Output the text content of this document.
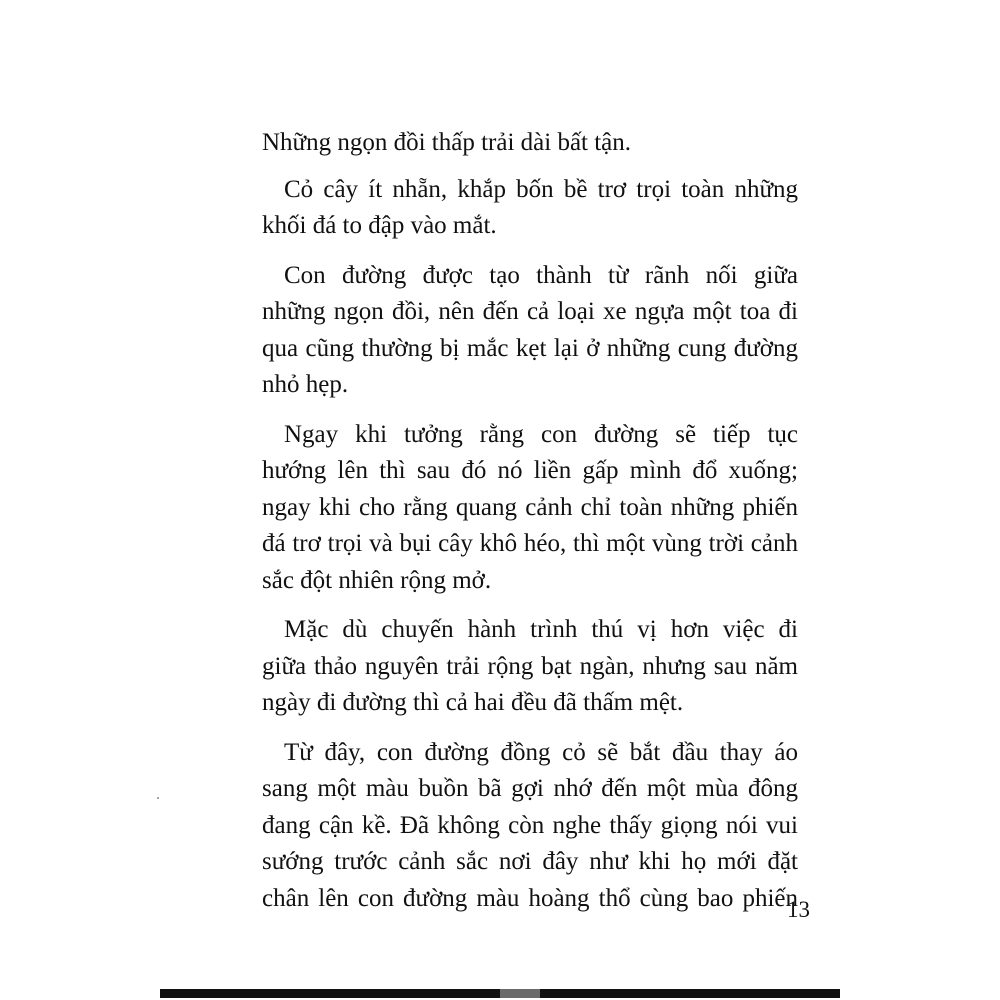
Những ngọn đồi thấp trải dài bất tận.
Cỏ cây ít nhẵn, khắp bốn bề trơ trọi toàn những
khối đá to đập vào mắt.
Con đường được tạo thành từ rãnh nối giữa
những ngọn đồi, nên đến cả loại xe ngựa một toa đi
qua cũng thường bị mắc kẹt lại ở những cung đường
nhỏ hẹp.
Ngay khi tưởng rằng con đường sẽ tiếp tục
hướng lên thì sau đó nó liền gấp mình đổ xuống;
ngay khi cho rằng quang cảnh chỉ toàn những phiến
đá trơ trọi và bụi cây khô héo, thì một vùng trời cảnh
sắc đột nhiên rộng mở.
Mặc dù chuyến hành trình thú vị hơn việc đi
giữa thảo nguyên trải rộng bạt ngàn, nhưng sau năm
ngày đi đường thì cả hai đều đã thấm mệt.
Từ đây, con đường đồng cỏ sẽ bắt đầu thay áo
sang một màu buồn bã gợi nhớ đến một mùa đông
đang cận kề. Đã không còn nghe thấy giọng nói vui
sướng trước cảnh sắc nơi đây như khi họ mới đặt
chân lên con đường màu hoàng thổ cùng bao phiến
13
